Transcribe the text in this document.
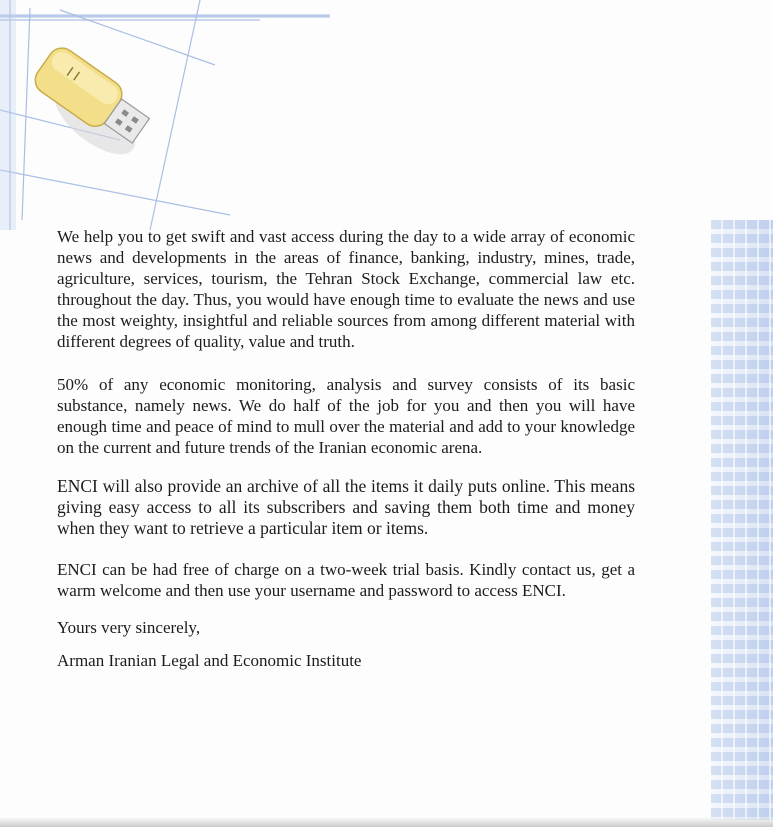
We help you to get swift and vast access during the day to a wide array of economic news and developments in the areas of finance, banking, industry, mines, trade, agriculture, services, tourism, the Tehran Stock Exchange, commercial law etc. throughout the day. Thus, you would have enough time to evaluate the news and use the most weighty, insightful and reliable sources from among different material with different degrees of quality, value and truth.

50% of any economic monitoring, analysis and survey consists of its basic substance, namely news. We do half of the job for you and then you will have enough time and peace of mind to mull over the material and add to your knowledge on the current and future trends of the Iranian economic arena.

ENCI will also provide an archive of all the items it daily puts online. This means giving easy access to all its subscribers and saving them both time and money when they want to retrieve a particular item or items.

ENCI can be had free of charge on a two-week trial basis. Kindly contact us, get a warm welcome and then use your username and password to access ENCI.

Yours very sincerely,

Arman Iranian Legal and Economic Institute
